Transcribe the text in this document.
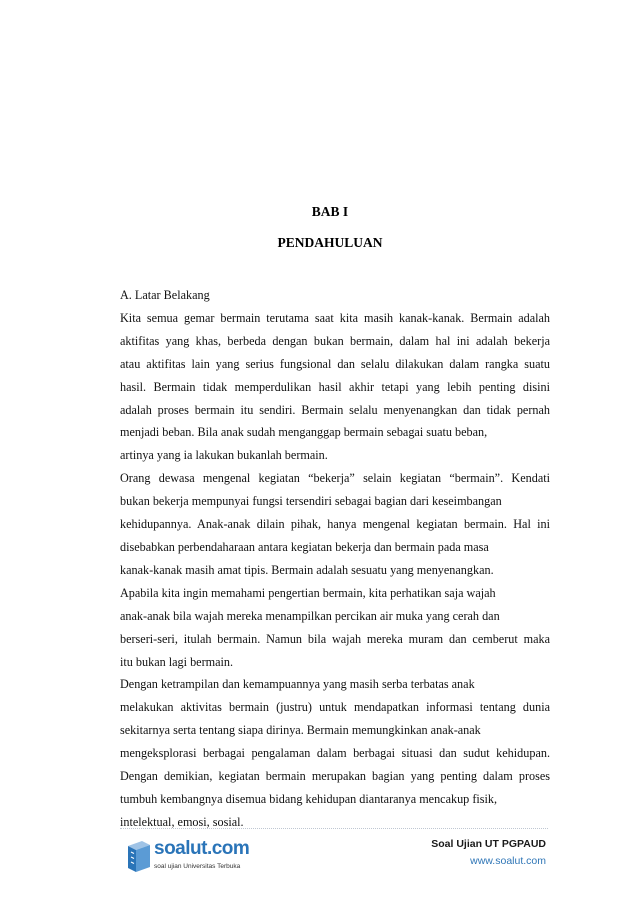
BAB I
PENDAHULUAN
A. Latar Belakang
Kita semua gemar bermain terutama saat kita masih kanak-kanak. Bermain adalah
aktifitas yang khas, berbeda dengan bukan bermain, dalam hal ini adalah bekerja
atau aktifitas lain yang serius fungsional dan selalu dilakukan dalam rangka suatu
hasil. Bermain tidak memperdulikan hasil akhir tetapi yang lebih penting disini
adalah proses bermain itu sendiri. Bermain selalu menyenangkan dan tidak pernah
menjadi beban. Bila anak sudah menganggap bermain sebagai suatu beban,
artinya yang ia lakukan bukanlah bermain.
Orang dewasa mengenal kegiatan “bekerja” selain kegiatan “bermain”. Kendati
bukan bekerja mempunyai fungsi tersendiri sebagai bagian dari keseimbangan
kehidupannya. Anak-anak dilain pihak, hanya mengenal kegiatan bermain. Hal ini
disebabkan perbendaharaan antara kegiatan bekerja dan bermain pada masa
kanak-kanak masih amat tipis. Bermain adalah sesuatu yang menyenangkan.
Apabila kita ingin memahami pengertian bermain, kita perhatikan saja wajah
anak-anak bila wajah mereka menampilkan percikan air muka yang cerah dan
berseri-seri, itulah bermain. Namun bila wajah mereka muram dan cemberut maka
itu bukan lagi bermain.
Dengan ketrampilan dan kemampuannya yang masih serba terbatas anak
melakukan aktivitas bermain (justru) untuk mendapatkan informasi tentang dunia
sekitarnya serta tentang siapa dirinya. Bermain memungkinkan anak-anak
mengeksplorasi berbagai pengalaman dalam berbagai situasi dan sudut kehidupan.
Dengan demikian, kegiatan bermain merupakan bagian yang penting dalam proses
tumbuh kembangnya disemua bidang kehidupan diantaranya mencakup fisik,
intelektual, emosi, sosial.
soalut.com
soal ujian Universitas Terbuka
Soal Ujian UT PGPAUD
www.soalut.com
